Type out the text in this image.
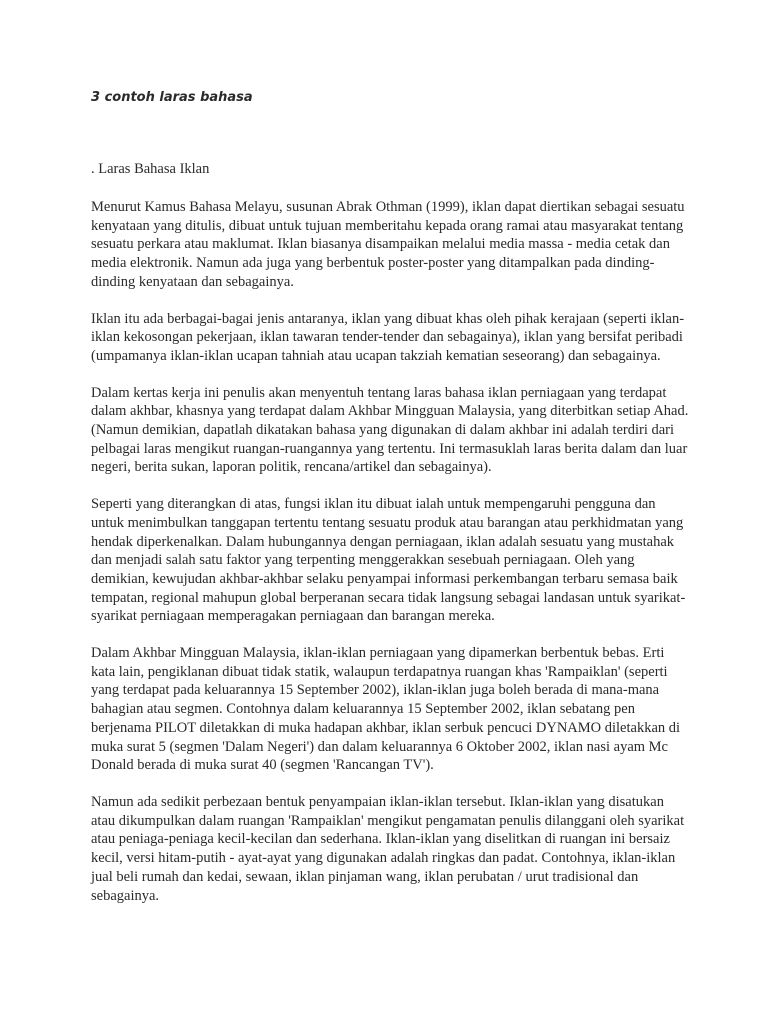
3 contoh laras bahasa
. Laras Bahasa Iklan

Menurut Kamus Bahasa Melayu, susunan Abrak Othman (1999), iklan dapat diertikan sebagai sesuatu kenyataan yang ditulis, dibuat untuk tujuan memberitahu kepada orang ramai atau masyarakat tentang sesuatu perkara atau maklumat. Iklan biasanya disampaikan melalui media massa - media cetak dan media elektronik. Namun ada juga yang berbentuk poster-poster yang ditampalkan pada dinding-dinding kenyataan dan sebagainya.

Iklan itu ada berbagai-bagai jenis antaranya, iklan yang dibuat khas oleh pihak kerajaan (seperti iklan-iklan kekosongan pekerjaan, iklan tawaran tender-tender dan sebagainya), iklan yang bersifat peribadi (umpamanya iklan-iklan ucapan tahniah atau ucapan takziah kematian seseorang) dan sebagainya.

Dalam kertas kerja ini penulis akan menyentuh tentang laras bahasa iklan perniagaan yang terdapat dalam akhbar, khasnya yang terdapat dalam Akhbar Mingguan Malaysia, yang diterbitkan setiap Ahad. (Namun demikian, dapatlah dikatakan bahasa yang digunakan di dalam akhbar ini adalah terdiri dari pelbagai laras mengikut ruangan-ruangannya yang tertentu. Ini termasuklah laras berita dalam dan luar negeri, berita sukan, laporan politik, rencana/artikel dan sebagainya).

Seperti yang diterangkan di atas, fungsi iklan itu dibuat ialah untuk mempengaruhi pengguna dan untuk menimbulkan tanggapan tertentu tentang sesuatu produk atau barangan atau perkhidmatan yang hendak diperkenalkan. Dalam hubungannya dengan perniagaan, iklan adalah sesuatu yang mustahak dan menjadi salah satu faktor yang terpenting menggerakkan sesebuah perniagaan. Oleh yang demikian, kewujudan akhbar-akhbar selaku penyampai informasi perkembangan terbaru semasa baik tempatan, regional mahupun global berperanan secara tidak langsung sebagai landasan untuk syarikat-syarikat perniagaan memperagakan perniagaan dan barangan mereka.

Dalam Akhbar Mingguan Malaysia, iklan-iklan perniagaan yang dipamerkan berbentuk bebas. Erti kata lain, pengiklanan dibuat tidak statik, walaupun terdapatnya ruangan khas 'Rampaiklan' (seperti yang terdapat pada keluarannya 15 September 2002), iklan-iklan juga boleh berada di mana-mana bahagian atau segmen. Contohnya dalam keluarannya 15 September 2002, iklan sebatang pen berjenama PILOT diletakkan di muka hadapan akhbar, iklan serbuk pencuci DYNAMO diletakkan di muka surat 5 (segmen 'Dalam Negeri') dan dalam keluarannya 6 Oktober 2002, iklan nasi ayam Mc Donald berada di muka surat 40 (segmen 'Rancangan TV').

Namun ada sedikit perbezaan bentuk penyampaian iklan-iklan tersebut. Iklan-iklan yang disatukan atau dikumpulkan dalam ruangan 'Rampaiklan' mengikut pengamatan penulis dilanggani oleh syarikat atau peniaga-peniaga kecil-kecilan dan sederhana. Iklan-iklan yang diselitkan di ruangan ini bersaiz kecil, versi hitam-putih - ayat-ayat yang digunakan adalah ringkas dan padat. Contohnya, iklan-iklan jual beli rumah dan kedai, sewaan, iklan pinjaman wang, iklan perubatan / urut tradisional dan sebagainya.
